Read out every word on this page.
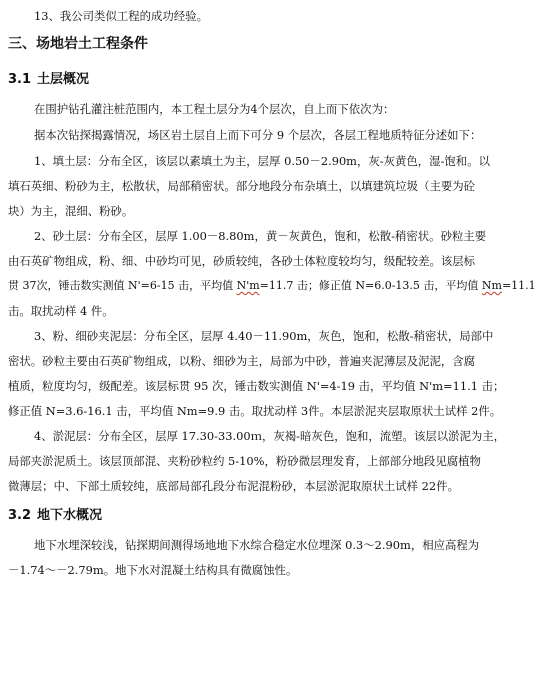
13、我公司类似工程的成功经验。
三、场地岩土工程条件
3.1 土层概况
在围护钻孔灌注桩范围内，本工程土层分为4个层次，自上而下依次为：
据本次钻探揭露情况，场区岩土层自上而下可分 9 个层次，各层工程地质特征分述如下：
1、填土层：分布全区，该层以素填土为主，层厚 0.50－2.90m，灰-灰黄色，湿-饱和。以
填石英细、粉砂为主，松散状，局部稍密状。部分地段分布杂填土，以填建筑垃圾（主要为砼
块）为主，混细、粉砂。
2、砂土层：分布全区，层厚 1.00－8.80m，黄－灰黄色，饱和，松散-稍密状。砂粒主要
由石英矿物组成，粉、细、中砂均可见，砂质较纯，各砂土体粒度较均匀，级配较差。该层标
贯 37次，锤击数实测值 N'=6-15 击，平均值 N'm=11.7 击；修正值 N=6.0-13.5 击，平均值 Nm=11.1
击。取扰动样 4 件。
3、粉、细砂夹泥层：分布全区，层厚 4.40－11.90m，灰色，饱和，松散-稍密状，局部中
密状。砂粒主要由石英矿物组成，以粉、细砂为主，局部为中砂，普遍夹泥薄层及泥泥，含腐
植质，粒度均匀，级配差。该层标贯 95 次，锤击数实测值 N'=4-19 击，平均值 N'm=11.1 击；
修正值 N=3.6-16.1 击，平均值 Nm=9.9 击。取扰动样 3件。本层淤泥夹层取原状土试样 2件。
4、淤泥层：分布全区，层厚 17.30-33.00ｍ，灰褐-暗灰色，饱和，流塑。该层以淤泥为主，
局部夹淤泥质土。该层顶部混、夹粉砂粒约 5-10%，粉砂微层理发育，上部部分地段见腐植物
微薄层；中、下部土质较纯，底部局部孔段分布泥混粉砂，本层淤泥取原状土试样 22件。
3.2 地下水概况
地下水埋深较浅，钻探期间测得场地地下水综合稳定水位埋深 0.3～2.90m，相应高程为
－1.74～－2.79m。地下水对混凝土结构具有微腐蚀性。
